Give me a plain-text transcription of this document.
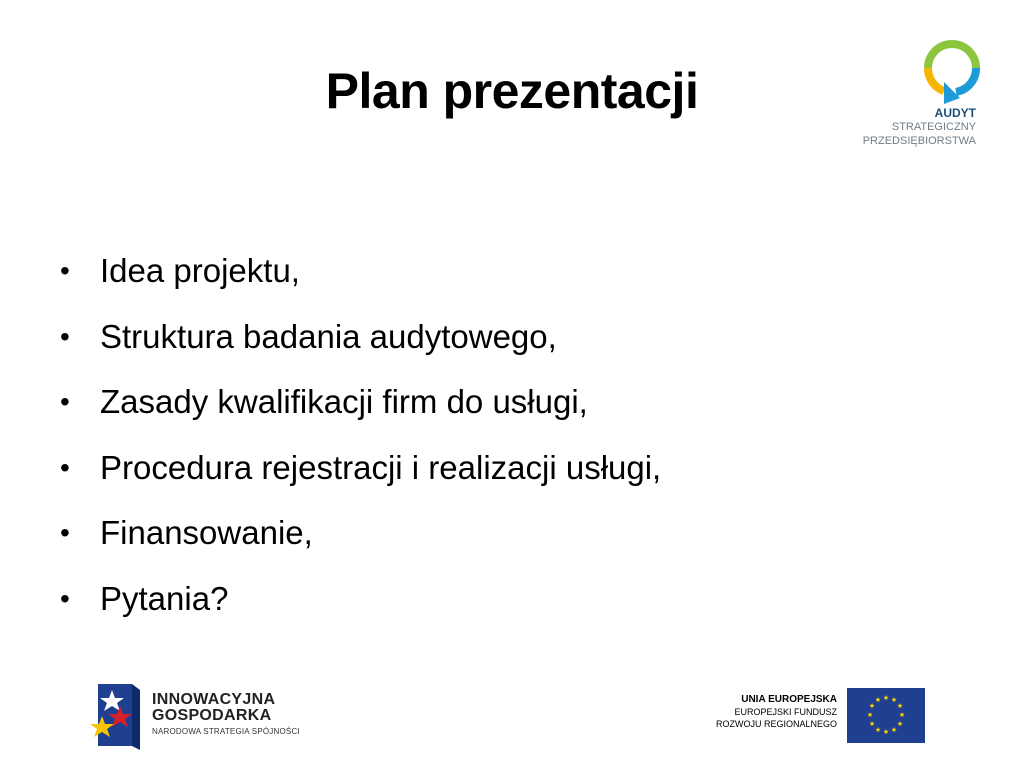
Plan prezentacji	AUDYT
STRATEGICZNY
PRZEDSIĘBIORSTWA
• Idea projektu,
• Struktura badania audytowego,
• Zasady kwalifikacji firm do usługi,
• Procedura rejestracji i realizacji usługi,
• Finansowanie,
• Pytania?
INNOWACYJNA
GOSPODARKA
NARODOWA STRATEGIA SPÓJNOŚCI
UNIA EUROPEJSKA
EUROPEJSKI FUNDUSZ
ROZWOJU REGIONALNEGO
★ ★
★
★
★
★
★
★
★
★
★
★
